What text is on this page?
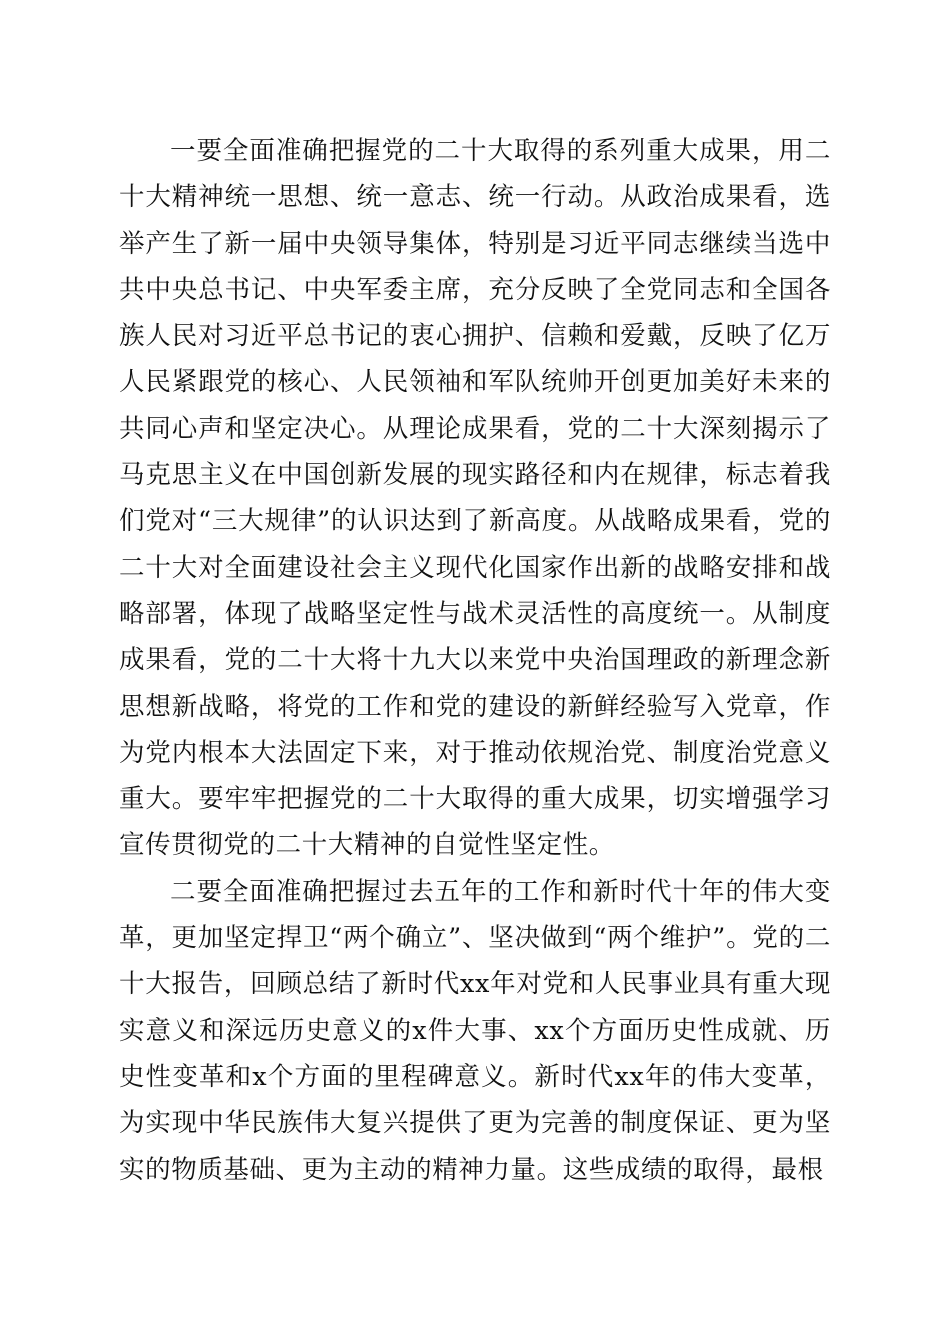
一要全面准确把握党的二十大取得的系列重大成果，用二十大精神统一思想、统一意志、统一行动。从政治成果看，选举产生了新一届中央领导集体，特别是习近平同志继续当选中共中央总书记、中央军委主席，充分反映了全党同志和全国各族人民对习近平总书记的衷心拥护、信赖和爱戴，反映了亿万人民紧跟党的核心、人民领袖和军队统帅开创更加美好未来的共同心声和坚定决心。从理论成果看，党的二十大深刻揭示了马克思主义在中国创新发展的现实路径和内在规律，标志着我们党对“三大规律”的认识达到了新高度。从战略成果看，党的二十大对全面建设社会主义现代化国家作出新的战略安排和战略部署，体现了战略坚定性与战术灵活性的高度统一。从制度成果看，党的二十大将十九大以来党中央治国理政的新理念新思想新战略，将党的工作和党的建设的新鲜经验写入党章，作为党内根本大法固定下来，对于推动依规治党、制度治党意义重大。要牢牢把握党的二十大取得的重大成果，切实增强学习宣传贯彻党的二十大精神的自觉性坚定性。

二要全面准确把握过去五年的工作和新时代十年的伟大变革，更加坚定捍卫“两个确立”、坚决做到“两个维护”。党的二十大报告，回顾总结了新时代xx年对党和人民事业具有重大现实意义和深远历史意义的x件大事、xx个方面历史性成就、历史性变革和x个方面的里程碑意义。新时代xx年的伟大变革，为实现中华民族伟大复兴提供了更为完善的制度保证、更为坚实的物质基础、更为主动的精神力量。这些成绩的取得，最根
